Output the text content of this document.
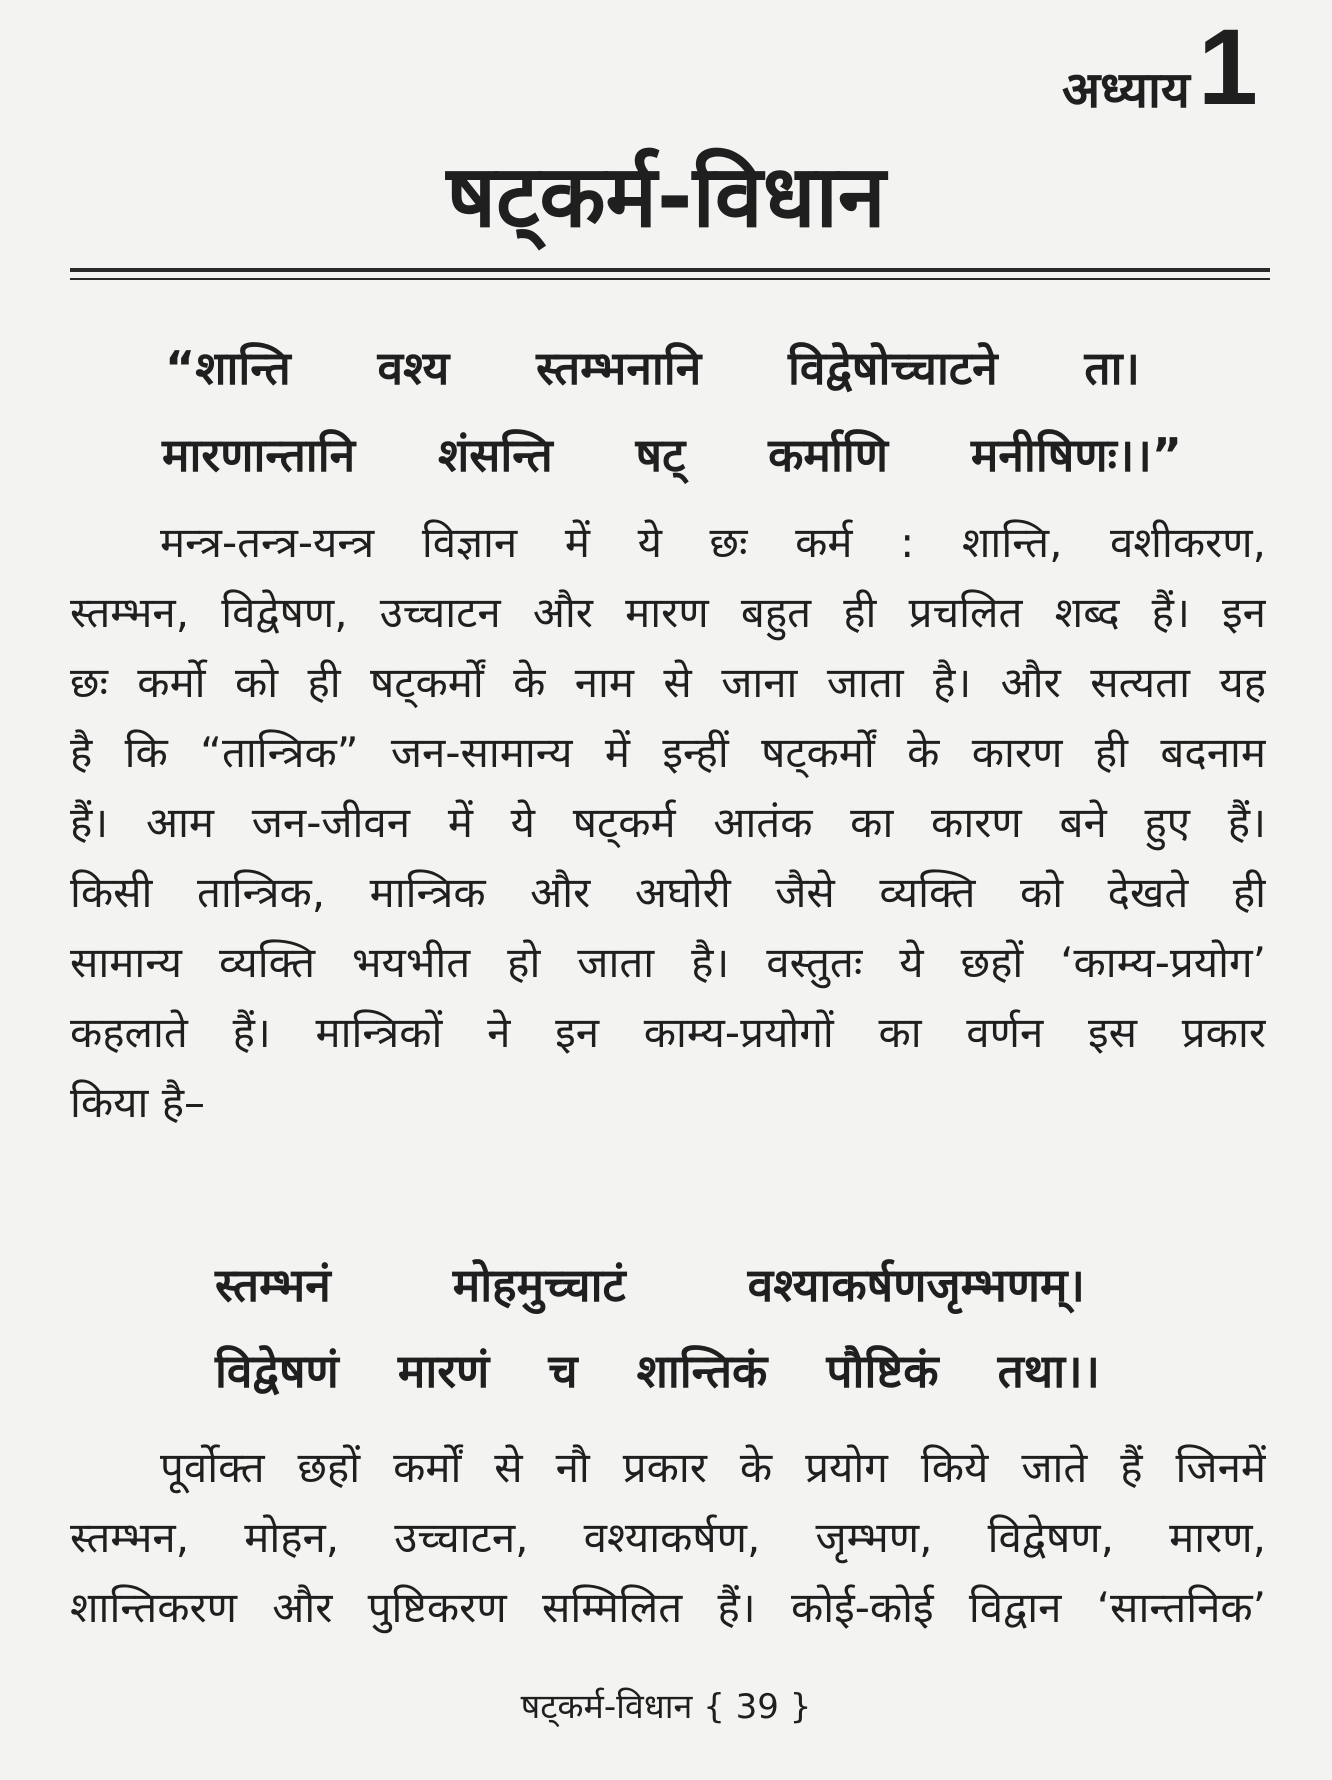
अध्याय 1
षट्कर्म-विधान
“शान्ति वश्य स्तम्भनानि विद्वेषोच्चाटने ता।
मारणान्तानि शंसन्ति षट् कर्माणि मनीषिणः।।”
मन्त्र-तन्त्र-यन्त्र विज्ञान में ये छः कर्म : शान्ति, वशीकरण,
स्तम्भन, विद्वेषण, उच्चाटन और मारण बहुत ही प्रचलित शब्द हैं। इन
छः कर्मो को ही षट्कर्मों के नाम से जाना जाता है। और सत्यता यह
है कि “तान्त्रिक” जन-सामान्य में इन्हीं षट्कर्मों के कारण ही बदनाम
हैं। आम जन-जीवन में ये षट्कर्म आतंक का कारण बने हुए हैं।
किसी तान्त्रिक, मान्त्रिक और अघोरी जैसे व्यक्ति को देखते ही
सामान्य व्यक्ति भयभीत हो जाता है। वस्तुतः ये छहों ‘काम्य-प्रयोग’
कहलाते हैं। मान्त्रिकों ने इन काम्य-प्रयोगों का वर्णन इस प्रकार
किया है–
स्तम्भनं	मोहमुच्चाटं	वश्याकर्षणजृम्भणम्।
विद्वेषणं मारणं च शान्तिकं पौष्टिकं तथा।।
पूर्वोक्त छहों कर्मों से नौ प्रकार के प्रयोग किये जाते हैं जिनमें
स्तम्भन, मोहन, उच्चाटन, वश्याकर्षण, जृम्भण, विद्वेषण, मारण,
शान्तिकरण और पुष्टिकरण सम्मिलित हैं। कोई-कोई विद्वान ‘सान्तनिक’
षट्कर्म-विधान { 39 }
